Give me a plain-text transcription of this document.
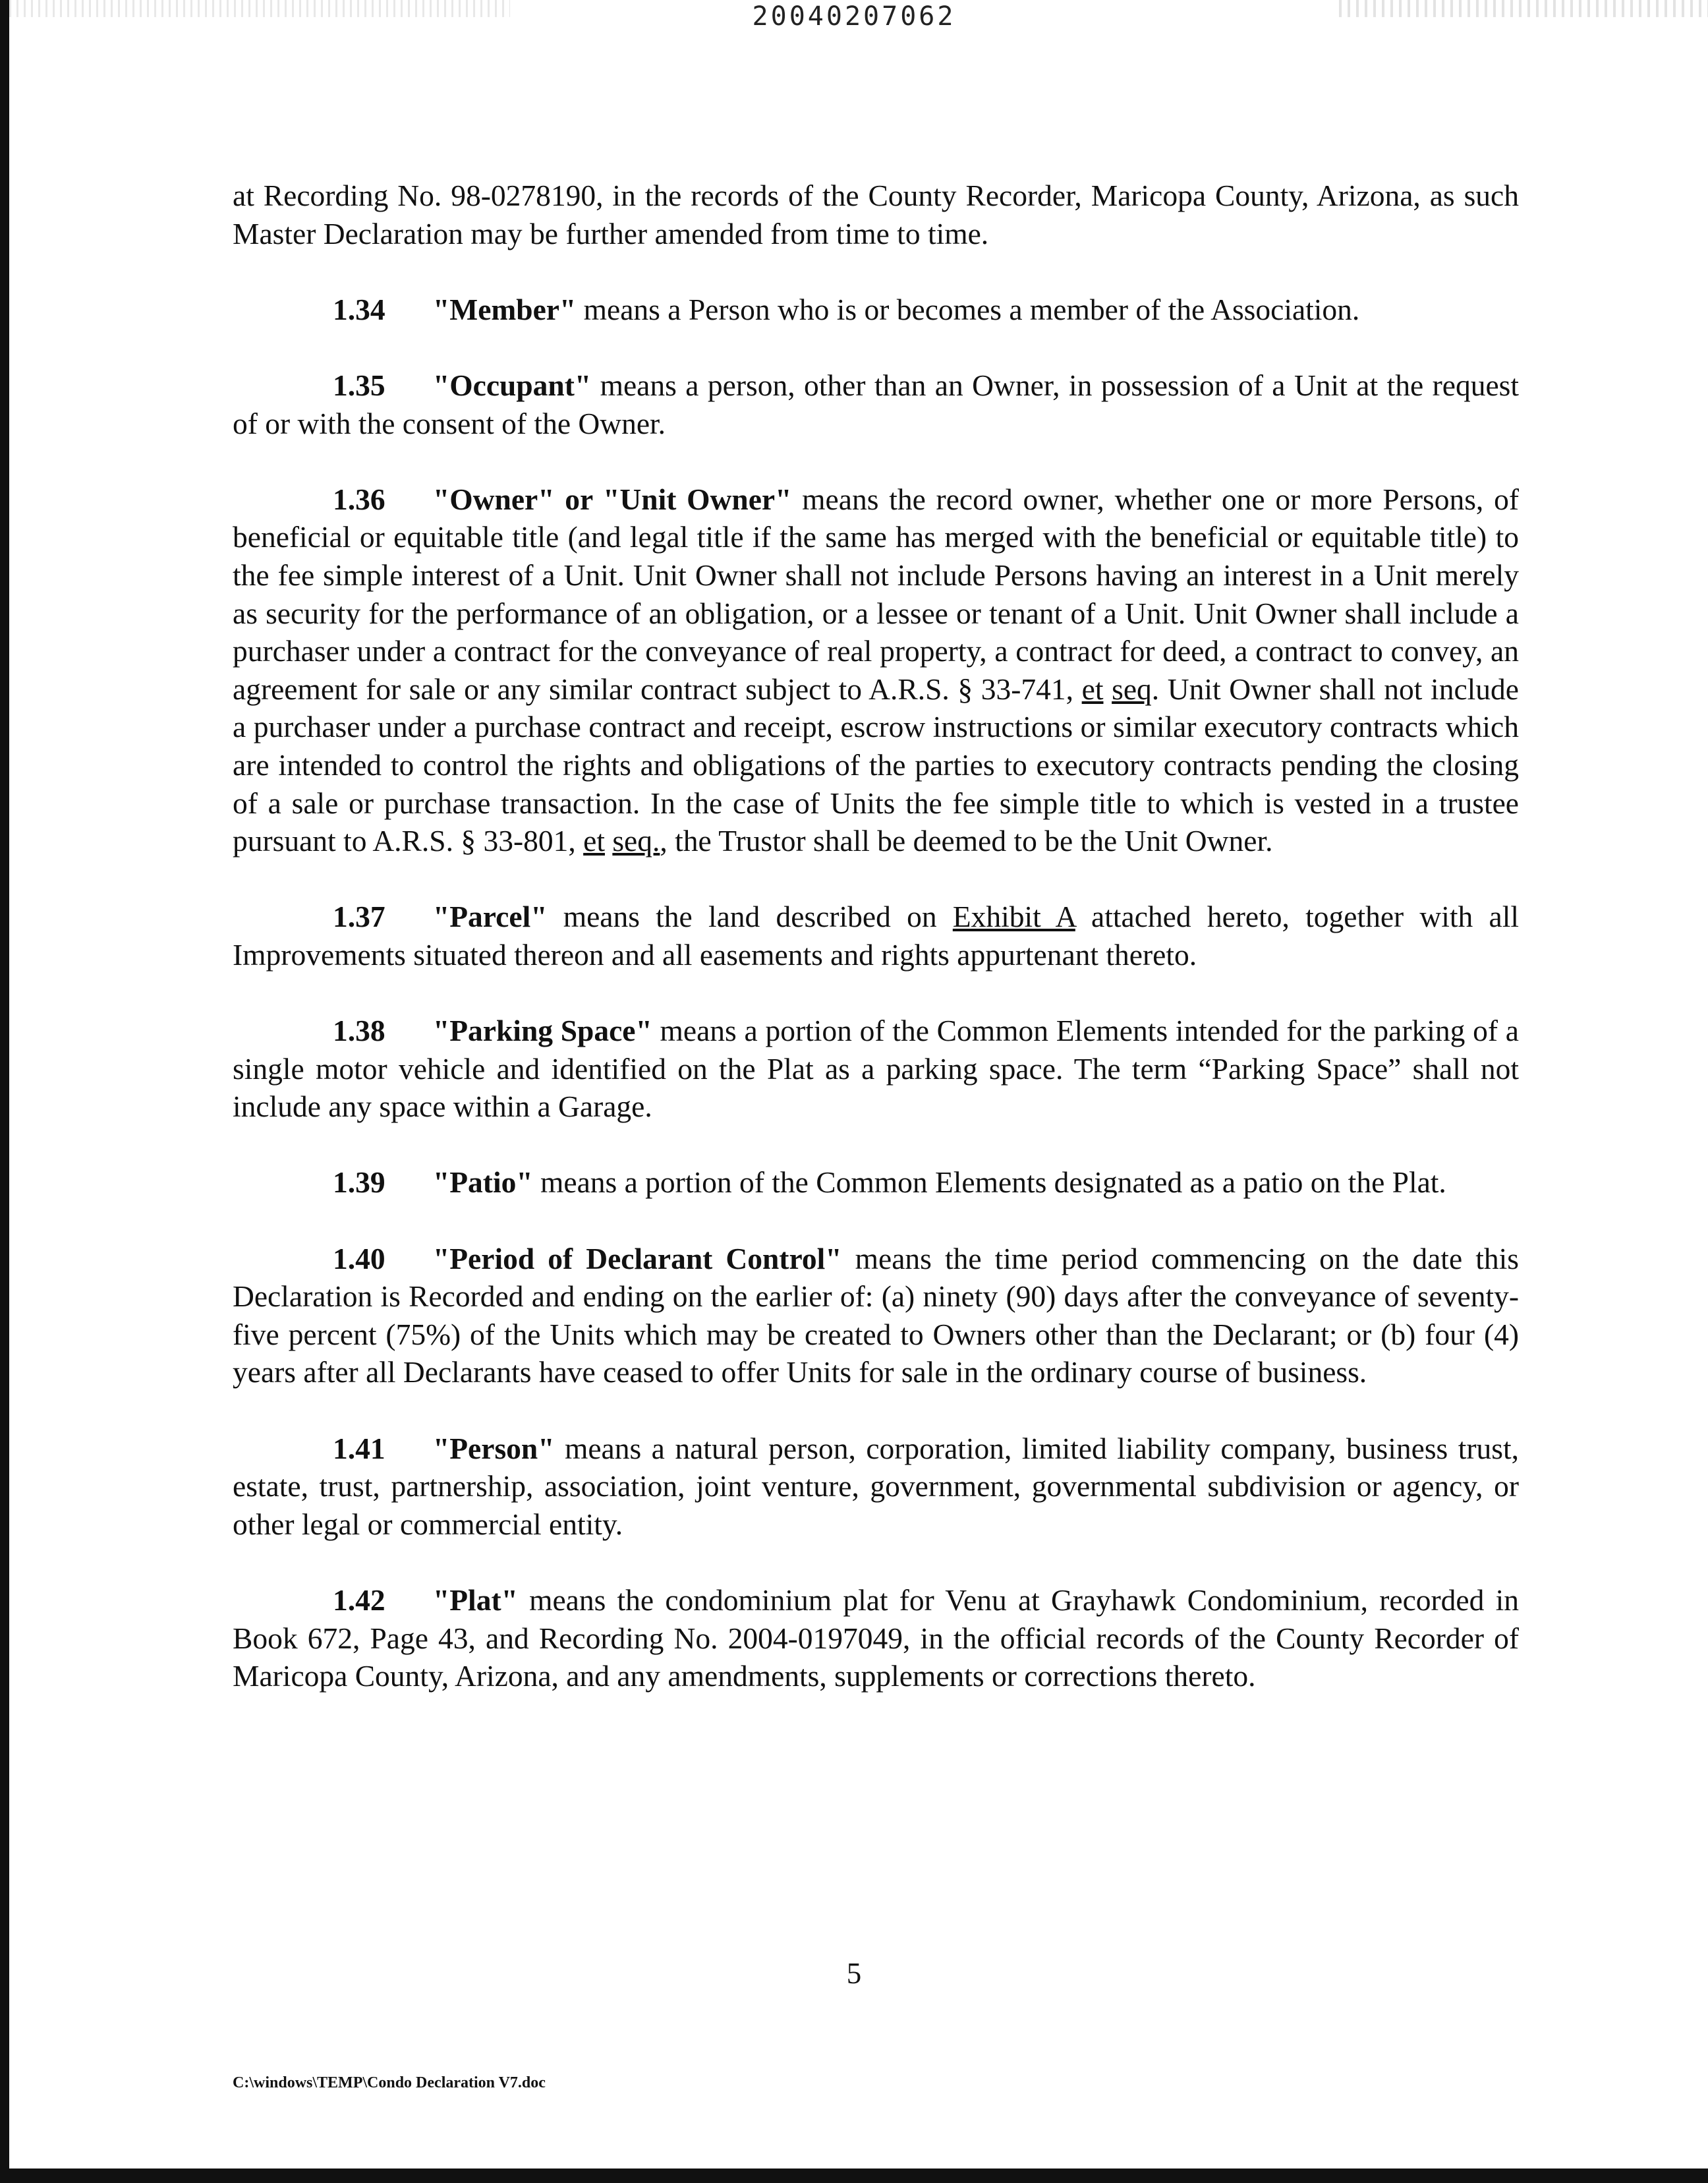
20040207062

at Recording No. 98-0278190, in the records of the County Recorder, Maricopa County, Arizona, as such Master Declaration may be further amended from time to time.

1.34 "Member" means a Person who is or becomes a member of the Association.

1.35 "Occupant" means a person, other than an Owner, in possession of a Unit at the request of or with the consent of the Owner.

1.36 "Owner" or "Unit Owner" means the record owner, whether one or more Persons, of beneficial or equitable title (and legal title if the same has merged with the beneficial or equitable title) to the fee simple interest of a Unit. Unit Owner shall not include Persons having an interest in a Unit merely as security for the performance of an obligation, or a lessee or tenant of a Unit. Unit Owner shall include a purchaser under a contract for the conveyance of real property, a contract for deed, a contract to convey, an agreement for sale or any similar contract subject to A.R.S. § 33-741, et seq. Unit Owner shall not include a purchaser under a purchase contract and receipt, escrow instructions or similar executory contracts which are intended to control the rights and obligations of the parties to executory contracts pending the closing of a sale or purchase transaction. In the case of Units the fee simple title to which is vested in a trustee pursuant to A.R.S. § 33-801, et seq., the Trustor shall be deemed to be the Unit Owner.

1.37 "Parcel" means the land described on Exhibit A attached hereto, together with all Improvements situated thereon and all easements and rights appurtenant thereto.

1.38 "Parking Space" means a portion of the Common Elements intended for the parking of a single motor vehicle and identified on the Plat as a parking space. The term “Parking Space” shall not include any space within a Garage.

1.39 "Patio" means a portion of the Common Elements designated as a patio on the Plat.

1.40 "Period of Declarant Control" means the time period commencing on the date this Declaration is Recorded and ending on the earlier of: (a) ninety (90) days after the conveyance of seventy-five percent (75%) of the Units which may be created to Owners other than the Declarant; or (b) four (4) years after all Declarants have ceased to offer Units for sale in the ordinary course of business.

1.41 "Person" means a natural person, corporation, limited liability company, business trust, estate, trust, partnership, association, joint venture, government, governmental subdivision or agency, or other legal or commercial entity.

1.42 "Plat" means the condominium plat for Venu at Grayhawk Condominium, recorded in Book 672, Page 43, and Recording No. 2004-0197049, in the official records of the County Recorder of Maricopa County, Arizona, and any amendments, supplements or corrections thereto.

5
C:\windows\TEMP\Condo Declaration V7.doc
